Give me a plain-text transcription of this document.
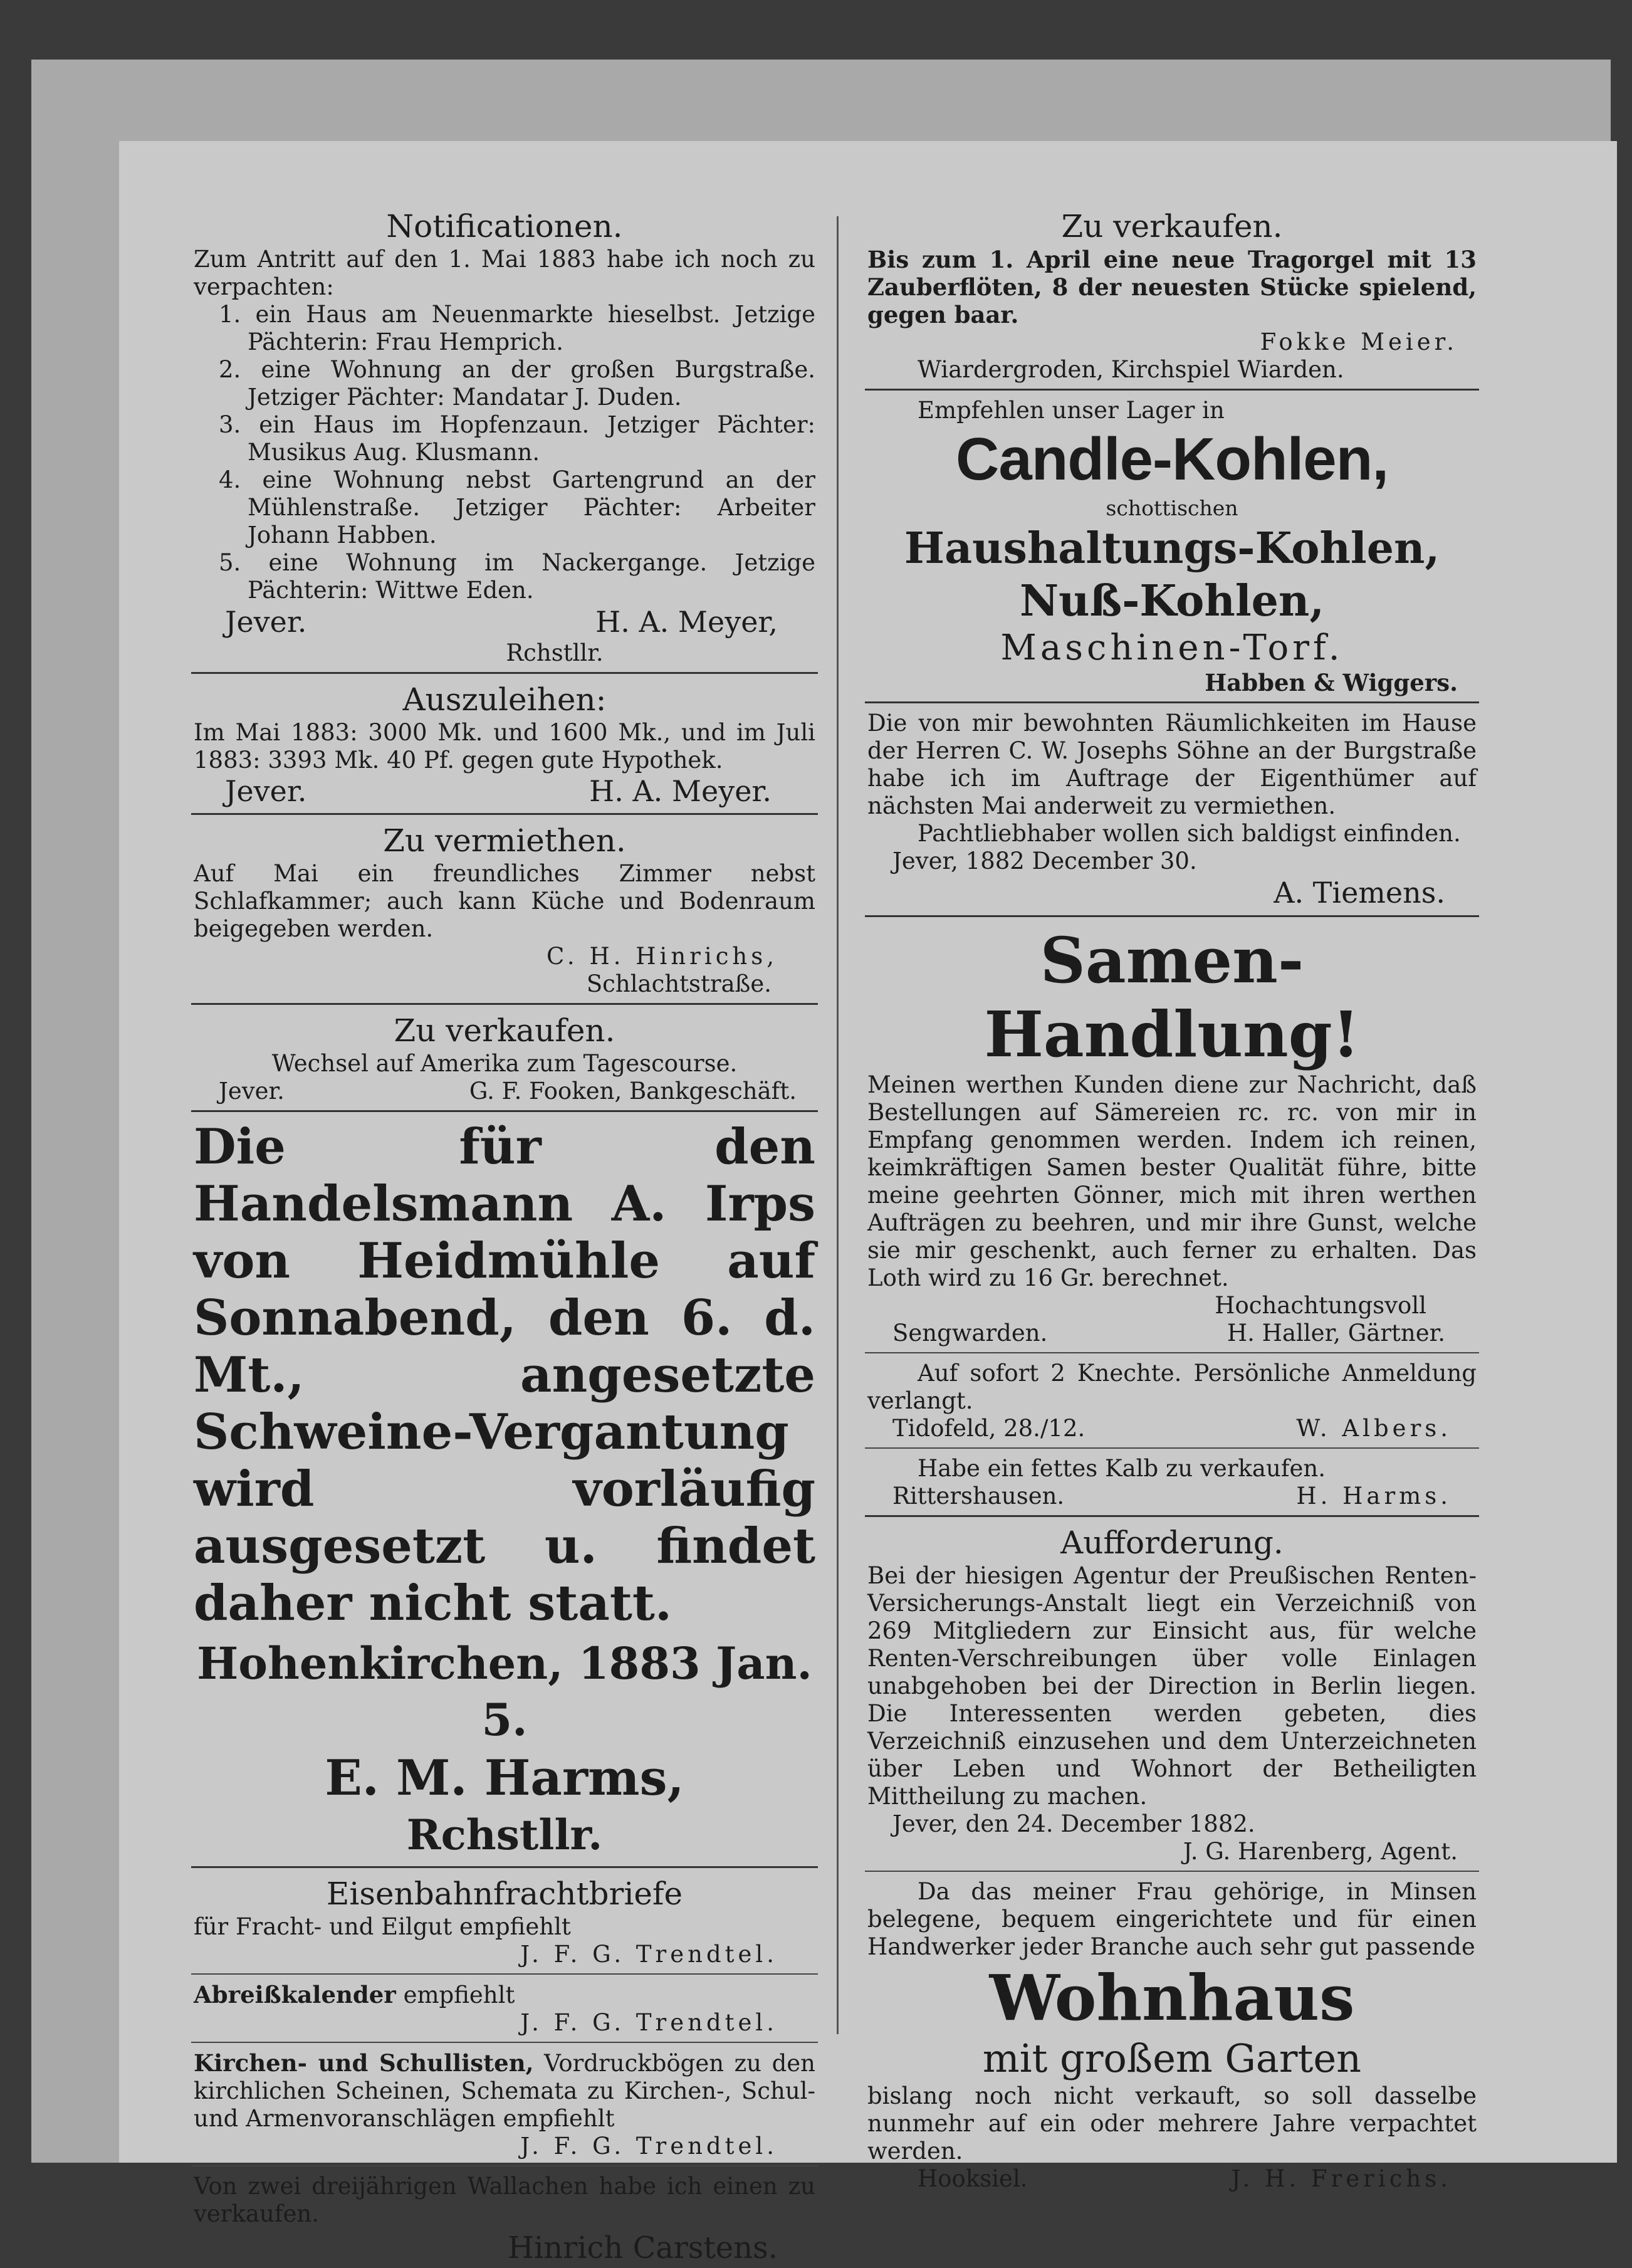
Notificationen.
Zum Antritt auf den 1. Mai 1883 habe ich noch zu verpachten:
1. ein Haus am Neuenmarkte hieselbst. Jetzige Pächterin: Frau Hemprich.
2. eine Wohnung an der großen Burgstraße. Jetziger Pächter: Mandatar J. Duden.
3. ein Haus im Hopfenzaun. Jetziger Pächter: Musikus Aug. Klusmann.
4. eine Wohnung nebst Gartengrund an der Mühlenstraße. Jetziger Pächter: Arbeiter Johann Habben.
5. eine Wohnung im Nackergange. Jetzige Pächterin: Wittwe Eden.
Jever.	H. A. Meyer,
Rchstllr.
Auszuleihen:
Im Mai 1883: 3000 Mk. und 1600 Mk., und im Juli 1883: 3393 Mk. 40 Pf. gegen gute Hypothek.
Jever.	H. A. Meyer.
Zu vermiethen.
Auf Mai ein freundliches Zimmer nebst Schlafkammer; auch kann Küche und Bodenraum beigegeben werden.
C. H. Hinrichs,
Schlachtstraße.
Zu verkaufen.
Wechsel auf Amerika zum Tagescourse.
Jever.	G. F. Fooken, Bankgeschäft.
Die für den Handelsmann A. Irps von Heidmühle auf Sonnabend, den 6. d. Mt., angesetzte Schweine-Vergantung wird vorläufig ausgesetzt u. findet daher nicht statt.
Hohenkirchen, 1883 Jan. 5.
E. M. Harms,
Rchstllr.
Eisenbahnfrachtbriefe
für Fracht- und Eilgut empfiehlt
J. F. G. Trendtel.
Abreißkalender empfiehlt
J. F. G. Trendtel.
Kirchen- und Schullisten, Vordruckbögen zu den kirchlichen Scheinen, Schemata zu Kirchen-, Schul- und Armenvoranschlägen empfiehlt
J. F. G. Trendtel.
Von zwei dreijährigen Wallachen habe ich einen zu verkaufen.
Hinrich Carstens.
Zu verkaufen.
Bis zum 1. April eine neue Tragorgel mit 13 Zauberflöten, 8 der neuesten Stücke spielend, gegen baar.
Fokke Meier.
Wiardergroden, Kirchspiel Wiarden.
Empfehlen unser Lager in
Candle-Kohlen,
schottischen
Haushaltungs-Kohlen,
Nuß-Kohlen,
Maschinen-Torf.
Habben & Wiggers.
Die von mir bewohnten Räumlichkeiten im Hause der Herren C. W. Josephs Söhne an der Burgstraße habe ich im Auftrage der Eigenthümer auf nächsten Mai anderweit zu vermiethen.
Pachtliebhaber wollen sich baldigst einfinden.
Jever, 1882 December 30.
A. Tiemens.
Samen-Handlung!
Meinen werthen Kunden diene zur Nachricht, daß Bestellungen auf Sämereien rc. rc. von mir in Empfang genommen werden. Indem ich reinen, keimkräftigen Samen bester Qualität führe, bitte meine geehrten Gönner, mich mit ihren werthen Aufträgen zu beehren, und mir ihre Gunst, welche sie mir geschenkt, auch ferner zu erhalten. Das Loth wird zu 16 Gr. berechnet.
Hochachtungsvoll
Sengwarden.	H. Haller, Gärtner.
Auf sofort 2 Knechte. Persönliche Anmeldung verlangt.
Tidofeld, 28./12.	W. Albers.
Habe ein fettes Kalb zu verkaufen.
Rittershausen.	H. Harms.
Aufforderung.
Bei der hiesigen Agentur der Preußischen Renten-Versicherungs-Anstalt liegt ein Verzeichniß von 269 Mitgliedern zur Einsicht aus, für welche Renten-Verschreibungen über volle Einlagen unabgehoben bei der Direction in Berlin liegen. Die Interessenten werden gebeten, dies Verzeichniß einzusehen und dem Unterzeichneten über Leben und Wohnort der Betheiligten Mittheilung zu machen.
Jever, den 24. December 1882.
J. G. Harenberg, Agent.
Da das meiner Frau gehörige, in Minsen belegene, bequem eingerichtete und für einen Handwerker jeder Branche auch sehr gut passende
Wohnhaus
mit großem Garten
bislang noch nicht verkauft, so soll dasselbe nunmehr auf ein oder mehrere Jahre verpachtet werden.
Hooksiel.	J. H. Frerichs.
